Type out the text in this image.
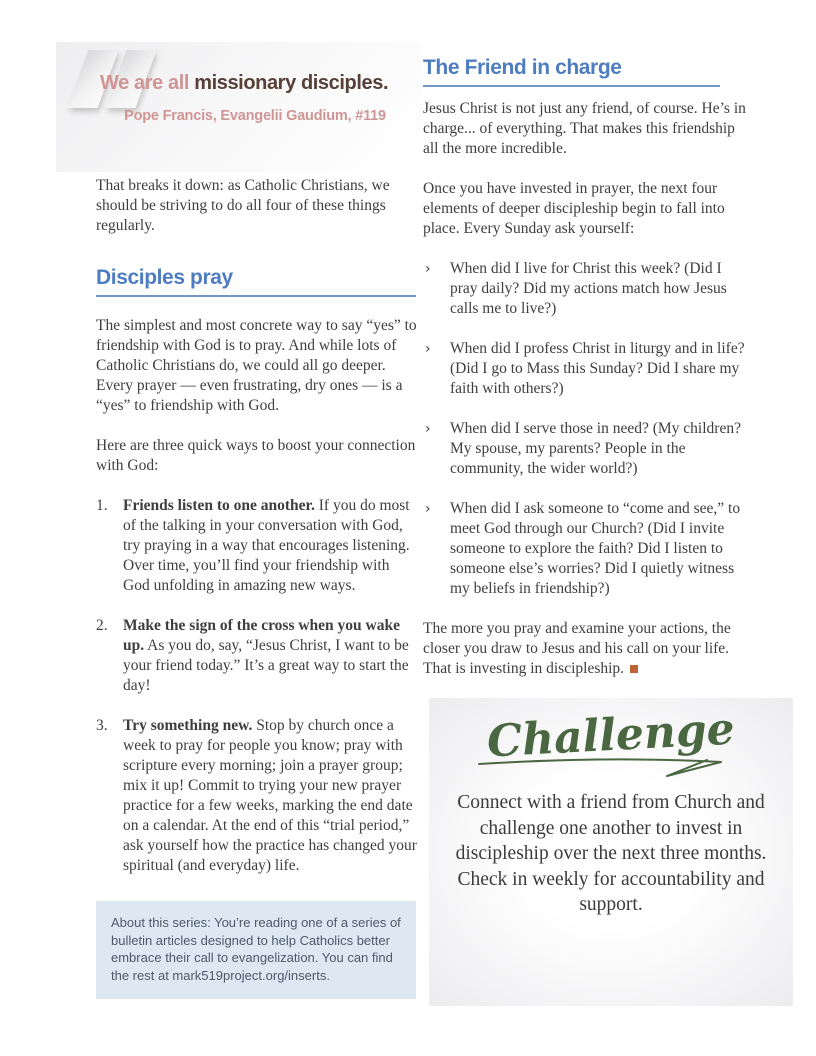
We are all missionary disciples.
Pope Francis, Evangelii Gaudium, #119

That breaks it down: as Catholic Christians, we should be striving to do all four of these things regularly.

Disciples pray

The simplest and most concrete way to say “yes” to friendship with God is to pray. And while lots of Catholic Christians do, we could all go deeper. Every prayer — even frustrating, dry ones — is a “yes” to friendship with God.

Here are three quick ways to boost your connection with God:

1. Friends listen to one another. If you do most of the talking in your conversation with God, try praying in a way that encourages listening. Over time, you’ll find your friendship with God unfolding in amazing new ways.
2. Make the sign of the cross when you wake up. As you do, say, “Jesus Christ, I want to be your friend today.” It’s a great way to start the day!
3. Try something new. Stop by church once a week to pray for people you know; pray with scripture every morning; join a prayer group; mix it up! Commit to trying your new prayer practice for a few weeks, marking the end date on a calendar. At the end of this “trial period,” ask yourself how the practice has changed your spiritual (and everyday) life.
About this series: You’re reading one of a series of bulletin articles designed to help Catholics better embrace their call to evangelization. You can find the rest at mark519project.org/inserts.
The Friend in charge

Jesus Christ is not just any friend, of course. He’s in charge... of everything. That makes this friendship all the more incredible.

Once you have invested in prayer, the next four elements of deeper discipleship begin to fall into place. Every Sunday ask yourself:

› When did I live for Christ this week? (Did I pray daily? Did my actions match how Jesus calls me to live?)
› When did I profess Christ in liturgy and in life? (Did I go to Mass this Sunday? Did I share my faith with others?)
› When did I serve those in need? (My children? My spouse, my parents? People in the community, the wider world?)
› When did I ask someone to “come and see,” to meet God through our Church? (Did I invite someone to explore the faith? Did I listen to someone else’s worries? Did I quietly witness my beliefs in friendship?)

The more you pray and examine your actions, the closer you draw to Jesus and his call on your life. That is investing in discipleship.

Challenge

Connect with a friend from Church and challenge one another to invest in discipleship over the next three months. Check in weekly for accountability and support.
